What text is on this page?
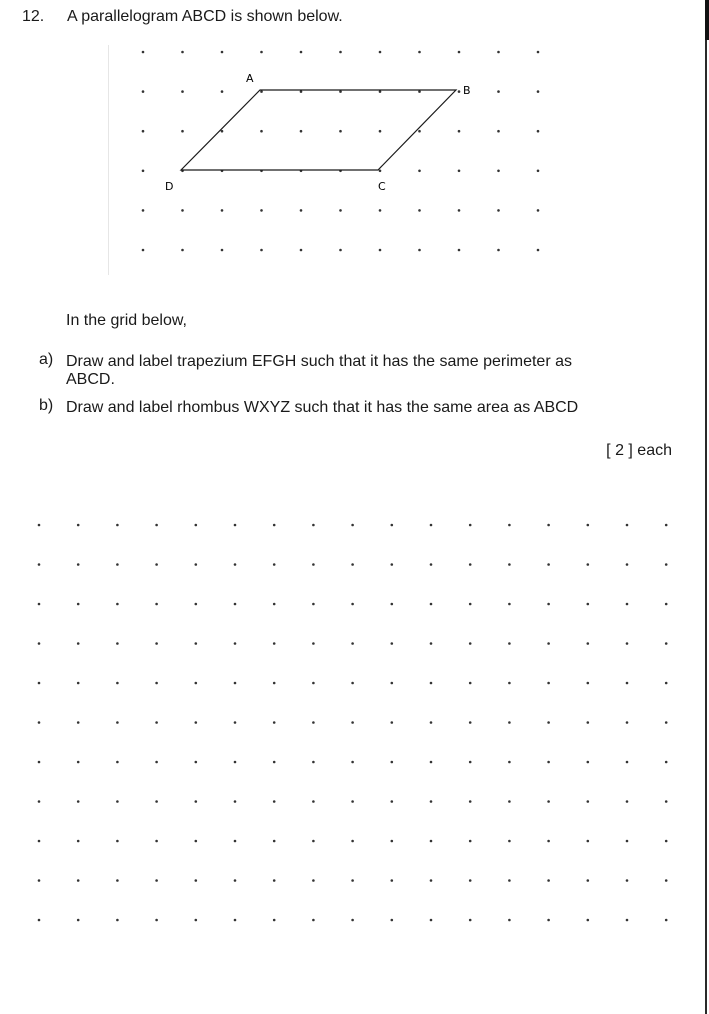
12. A parallelogram ABCD is shown below.
A
B
C
D
In the grid below,
a) Draw and label trapezium EFGH such that it has the same perimeter as
ABCD.
b) Draw and label rhombus WXYZ such that it has the same area as ABCD
[ 2 ] each
